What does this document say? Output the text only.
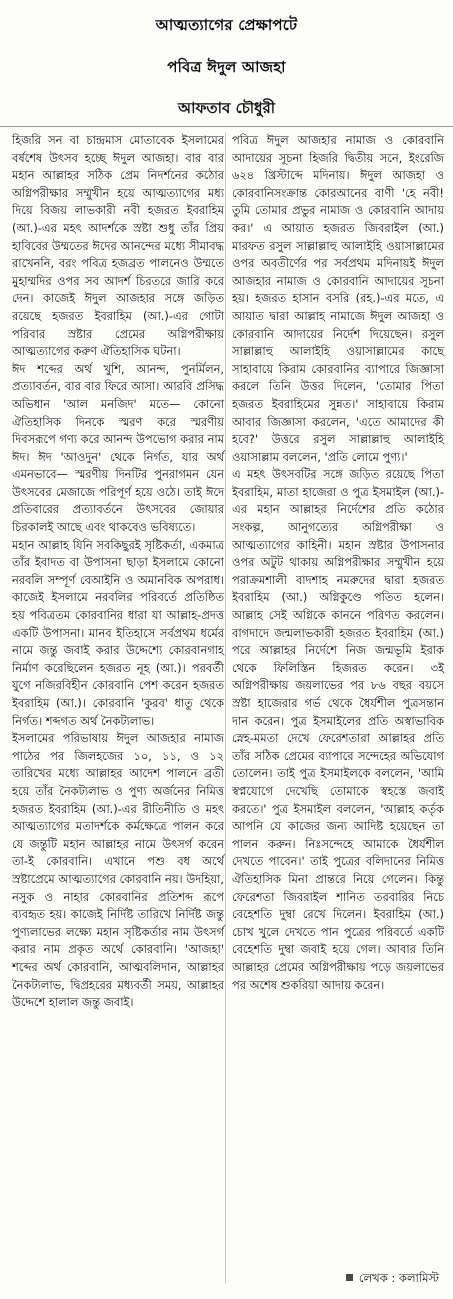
আত্মত্যাগের প্রেক্ষাপটে
পবিত্র ঈদুল আজহা
আফতাব চৌধুরী

হিজরি সন বা চান্দ্রমাস মোতাবেক ইসলামের বর্ষশেষ উৎসব হচ্ছে ঈদুল আজহা। বার বার মহান আল্লাহর সঠিক প্রেম নিদর্শনের কঠোর অগ্নিপরীক্ষার সম্মুখীন হয়ে আত্মত্যাগের মধ্য দিয়ে বিজয় লাভকারী নবী হজরত ইবরাহিম (আ.)-এর মহৎ আদর্শকে স্রষ্টা শুধু তাঁর প্রিয় হাবিবের উম্মতের ঈদের আনন্দের মধ্যে সীমাবদ্ধ রাখেননি, বরং পবিত্র হজব্রত পালনেও উম্মতে মুহাম্মদির ওপর সব আদর্শ চিরতরে জারি করে দেন। কাজেই ঈদুল আজহার সঙ্গে জড়িত রয়েছে হজরত ইবরাহিম (আ.)-এর গোটা পরিবার স্রষ্টার প্রেমের অগ্নিপরীক্ষায় আত্মত্যাগের করুণ ঐতিহাসিক ঘটনা।

ঈদ শব্দের অর্থ খুশি, আনন্দ, পুনর্মিলন, প্রত্যাবর্তন, বার বার ফিরে আসা। আরবি প্রসিদ্ধ অভিধান 'আল মনজিদ' মতে— কোনো ঐতিহাসিক দিনকে স্মরণ করে স্মরণীয় দিবসরূপে গণ্য করে আনন্দ উপভোগ করার নাম ঈদ। ঈদ 'আওদুন' থেকে নির্গত, যার অর্থ এমনভাবে— স্মরণীয় দিনটির পুনরাগমন যেন উৎসবের মেজাজে পরিপূর্ণ হয়ে ওঠে। তাই ঈদে প্রতিবারের প্রত্যাবর্তনে উৎসবের জোয়ার চিরকালই আছে এবং থাকবেও ভবিষ্যতে।

মহান আল্লাহ যিনি সবকিছুরই সৃষ্টিকর্তা, একমাত্র তাঁর ইবাদত বা উপাসনা ছাড়া ইসলামে কোনো নরবলি সম্পূর্ণ বেআইনি ও অমানবিক অপরাধ। কাজেই ইসলামে নরবলির পরিবর্তে প্রতিষ্ঠিত হয় পবিত্রতম কোরবানির ধারা যা আল্লাহ-প্রদত্ত একটি উপাসনা। মানব ইতিহাসে সর্বপ্রথম ধর্মের নামে জন্তু জবাই করার উদ্দেশ্যে কোরবানগাহ নির্মাণ করেছিলেন হজরত নূহ (আ.)। পরবর্তী যুগে নজিরবিহীন কোরবানি পেশ করেন হজরত ইবরাহিম (আ.)। কোরবানি 'কুরব' ধাতু থেকে নির্গত। শব্দগত অর্থ নৈকট্যলাভ।

ইসলামের পরিভাষায় ঈদুল আজহার নামাজ পাঠের পর জিলহজের ১০, ১১, ও ১২ তারিখের মধ্যে আল্লাহর আদেশ পালনে ব্রতী হয়ে তাঁর নৈকট্যলাভ ও পুণ্য অর্জনের নিমিত্ত হজরত ইবরাহিম (আ.)-এর রীতিনীতি ও মহৎ আত্মত্যাগের মতাদর্শকে কর্মক্ষেত্রে পালন করে যে জন্তুটি মহান আল্লাহর নামে উৎসর্গ করেন তা-ই কোরবানি। এখানে পশু বধ অর্থে স্রষ্টাপ্রেমে আত্মত্যাগের কোরবানি নয়। উদহিয়া, নসুক ও নাহার কোরবানির প্রতিশব্দ রূপে ব্যবহৃত হয়। কাজেই নির্দিষ্ট তারিখে নির্দিষ্ট জন্তু পুণ্যলাভের লক্ষ্যে মহান সৃষ্টিকর্তার নাম উৎসর্গ করার নাম প্রকৃত অর্থে কোরবানি। 'আজহা' শব্দের অর্থ কোরবানি, আত্মবলিদান, আল্লাহর নৈকট্যলাভ, দ্বিপ্রহরের মধ্যবর্তী সময়, আল্লাহর উদ্দেশে হালাল জন্তু জবাই।

পবিত্র ঈদুল আজহার নামাজ ও কোরবানি আদায়ের সূচনা হিজরি দ্বিতীয় সনে, ইংরেজি ৬২৪ খ্রিস্টাব্দে মদিনায়। ঈদুল আজহা ও কোরবানিসংক্রান্ত কোরআনের বাণী 'হে নবী! তুমি তোমার প্রভুর নামাজ ও কোরবানি আদায় কর।' এ আয়াত হজরত জিবরাইল (আ.) মারফত রসুল সাল্লাল্লাহু আলাইহি ওয়াসাল্লামের ওপর অবতীর্ণের পর সর্বপ্রথম মদিনায়ই ঈদুল আজহার নামাজ ও কোরবানি আদায়ের সূচনা হয়। হজরত হাসান বসরি (রহ.)-এর মতে, এ আয়াত দ্বারা আল্লাহ নামাজে ঈদুল আজহা ও কোরবানি আদায়ের নির্দেশ দিয়েছেন। রসুল সাল্লাল্লাহু আলাইহি ওয়াসাল্লামের কাছে সাহাবায়ে কিরাম কোরবানির ব্যাপারে জিজ্ঞাসা করলে তিনি উত্তর দিলেন, 'তোমার পিতা হজরত ইবরাহিমের সুন্নত।' সাহাবায়ে কিরাম আবার জিজ্ঞাসা করলেন, 'এতে আমাদের কী হবে?' উত্তরে রসুল সাল্লাল্লাহু আলাইহি ওয়াসাল্লাম বললেন, 'প্রতি লোমে পুণ্য।'

এ মহৎ উৎসবটির সঙ্গে জড়িত রয়েছে পিতা ইবরাহিম, মাতা হাজেরা ও পুত্র ইসমাইল (আ.)-এর মহান আল্লাহর নির্দেশের প্রতি কঠোর সংকল্প, আনুগত্যের অগ্নিপরীক্ষা ও আত্মত্যাগের কাহিনী। মহান স্রষ্টার উপাসনার ওপর অটুট থাকায় অগ্নিপরীক্ষার সম্মুখীন হয়ে পরাক্রমশালী বাদশাহ নমরুদের দ্বারা হজরত ইবরাহিম (আ.) অগ্নিকুণ্ডে পতিত হলেন। আল্লাহ সেই অগ্নিকে কাননে পরিণত করলেন। বাগদাদে জন্মলাভকারী হজরত ইবরাহিম (আ.) পরে আল্লাহর নির্দেশে নিজ জন্মভূমি ইরাক থেকে ফিলিস্তিন হিজরত করেন। ৩ই অগ্নিপরীক্ষায় জয়লাভের পর ৮৬ বছর বয়সে স্রষ্টা হাজেরার গর্ভ থেকে ধৈর্যশীল পুত্রসন্তান দান করেন। পুত্র ইসমাইলের প্রতি অস্বাভাবিক স্নেহ-মমতা দেখে ফেরেশতারা আল্লাহর প্রতি তাঁর সঠিক প্রেমের ব্যাপারে সন্দেহের অভিযোগ তোলেন। তাই পুত্র ইসমাইলকে বললেন, 'আমি স্বপ্নযোগে দেখেছি তোমাকে স্বহস্তে জবাই করতে।' পুত্র ইসমাইল বললেন, 'আল্লাহ কর্তৃক আপনি যে কাজের জন্য আদিষ্ট হয়েছেন তা পালন করুন। নিঃসন্দেহে আমাকে ধৈর্যশীল দেখতে পাবেন।' তাই পুত্রের বলিদানের নিমিত্ত ঐতিহাসিক মিনা প্রান্তরে নিয়ে গেলেন। কিন্তু ফেরেশতা জিবরাইল শানিত তরবারির নিচে বেহেশতি দুম্বা রেখে দিলেন। ইবরাহিম (আ.) চোখ খুলে দেখতে পান পুত্রের পরিবর্তে একটি বেহেশতি দুম্বা জবাই হয়ে গেল। আবার তিনি আল্লাহর প্রেমের অগ্নিপরীক্ষায় পড়ে জয়লাভের পর অশেষ শুকরিয়া আদায় করেন।

লেখক : কলামিস্ট
